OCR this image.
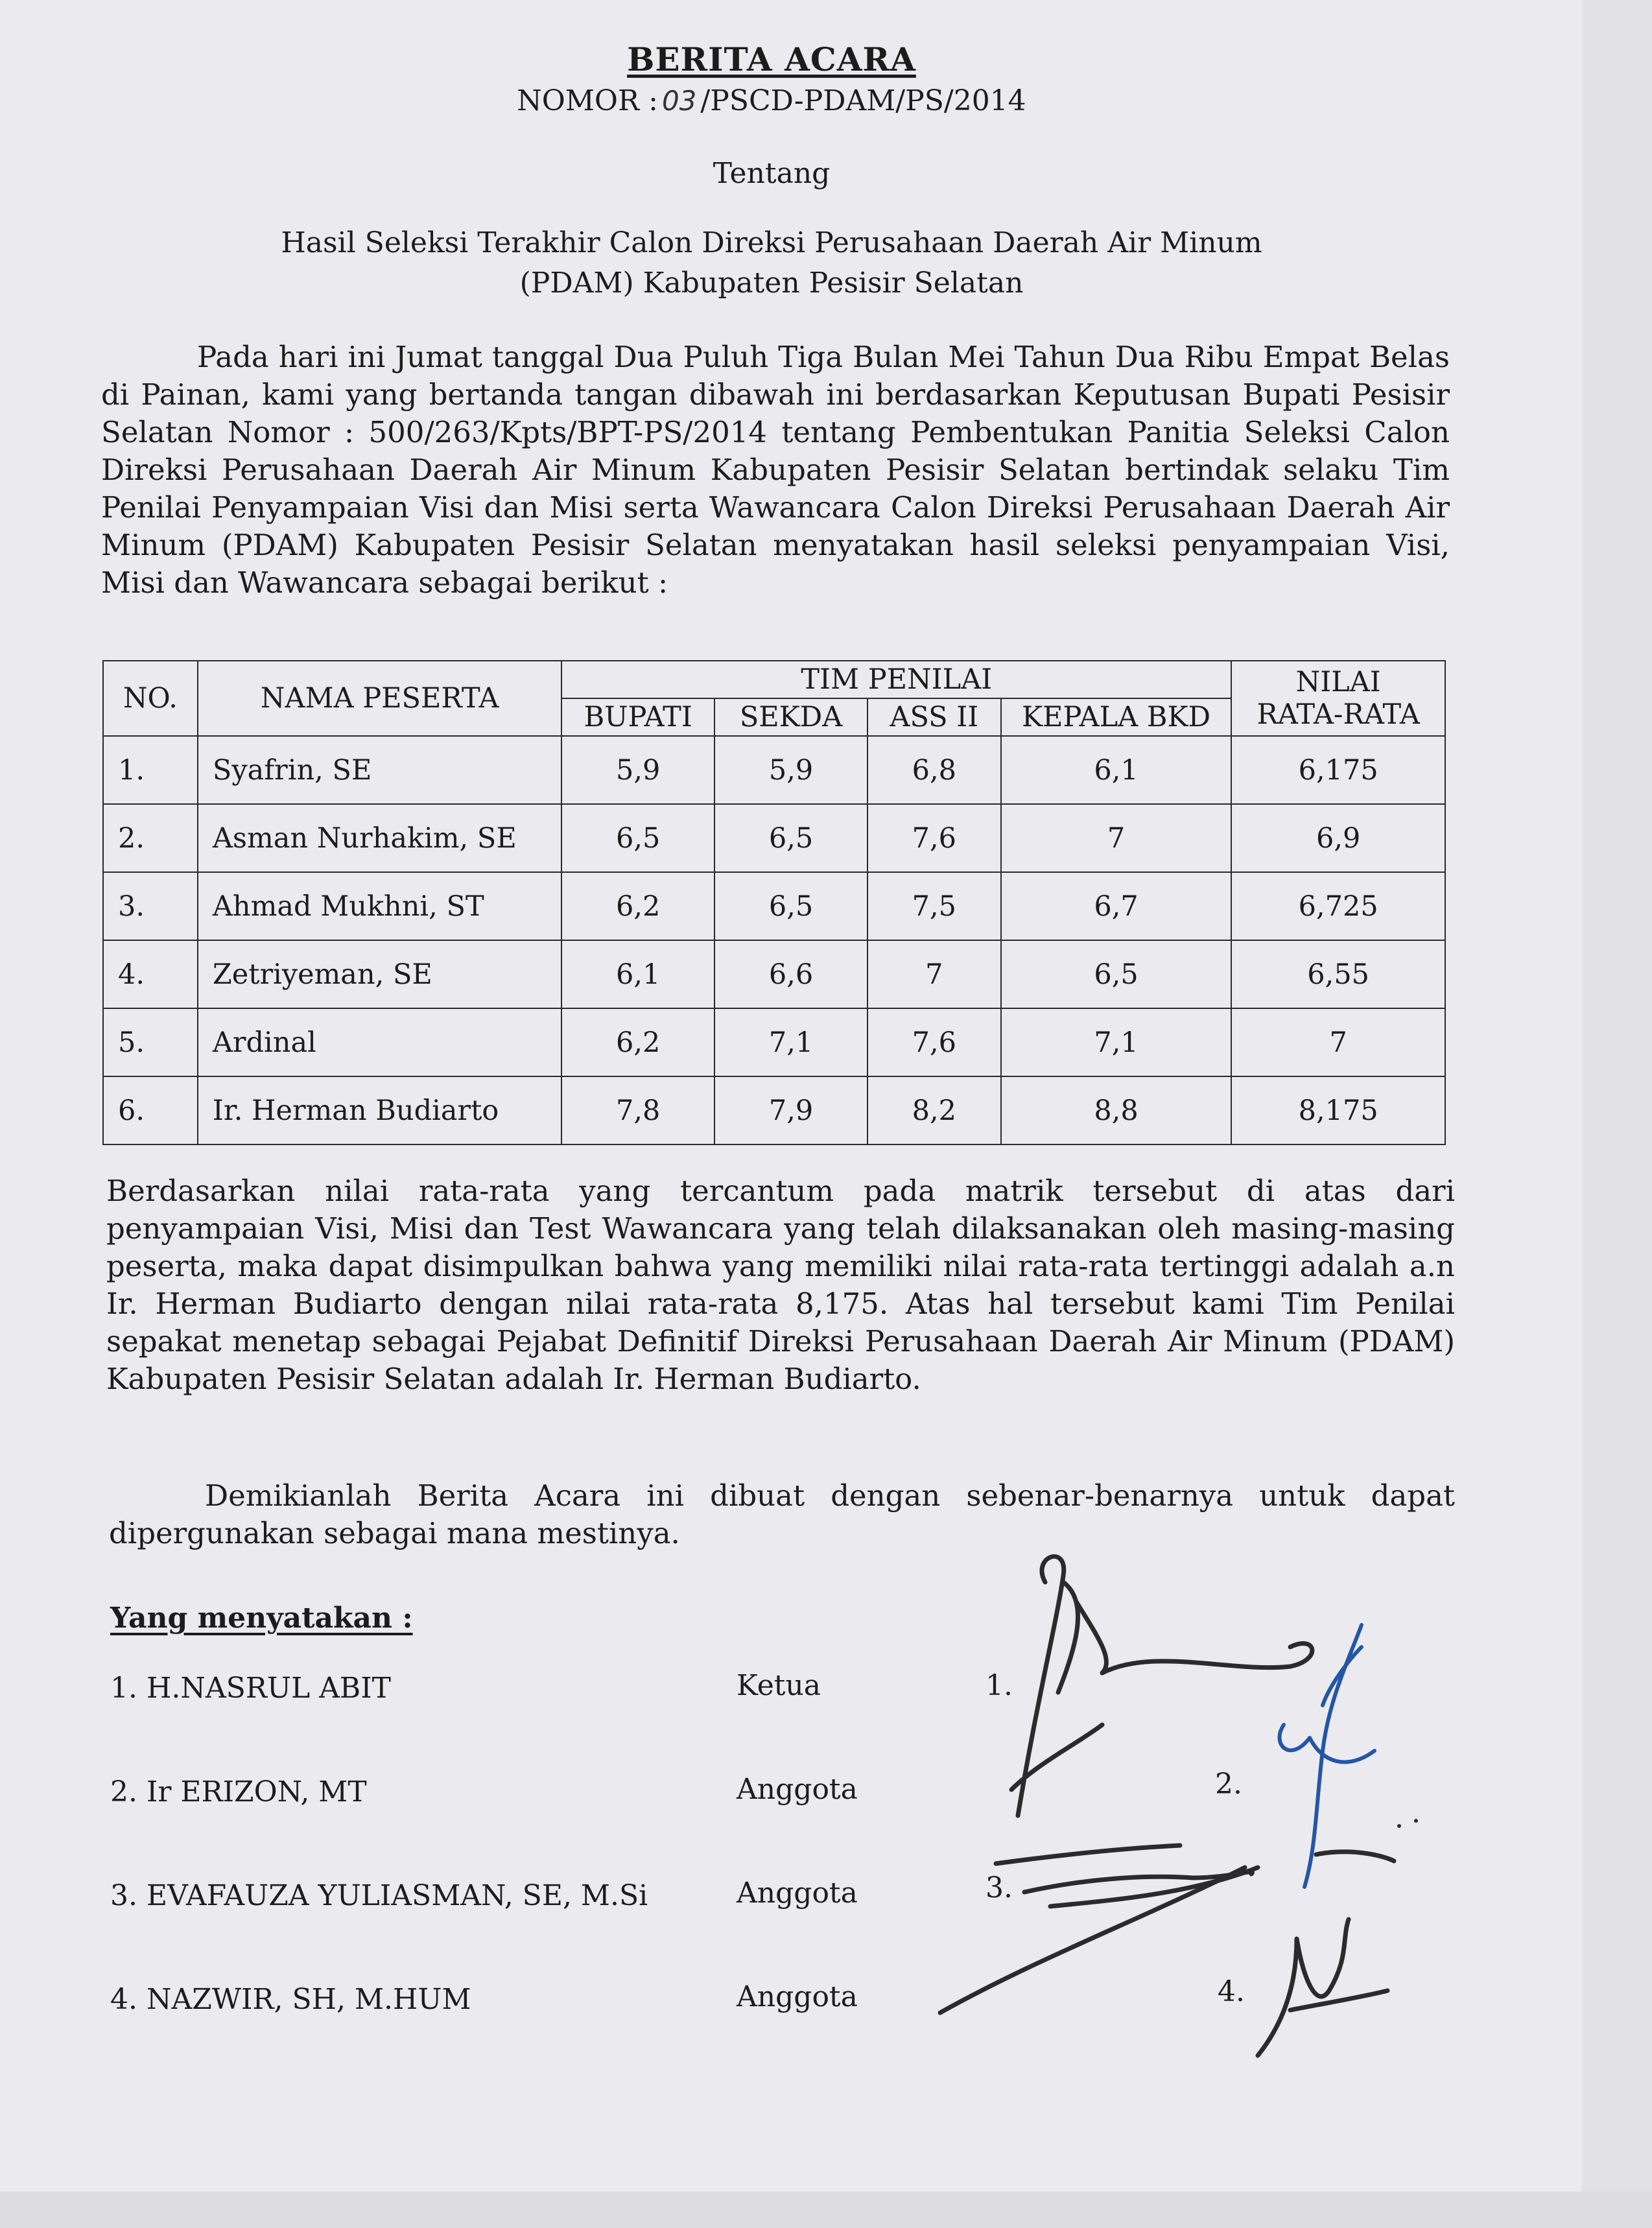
BERITA ACARA
NOMOR : 03 /PSCD-PDAM/PS/2014
Tentang
Hasil Seleksi Terakhir Calon Direksi Perusahaan Daerah Air Minum
(PDAM) Kabupaten Pesisir Selatan
Pada hari ini Jumat tanggal Dua Puluh Tiga Bulan Mei Tahun Dua Ribu Empat Belas di Painan, kami yang bertanda tangan dibawah ini berdasarkan Keputusan Bupati Pesisir Selatan Nomor : 500/263/Kpts/BPT-PS/2014 tentang Pembentukan Panitia Seleksi Calon Direksi Perusahaan Daerah Air Minum Kabupaten Pesisir Selatan bertindak selaku Tim Penilai Penyampaian Visi dan Misi serta Wawancara Calon Direksi Perusahaan Daerah Air Minum (PDAM) Kabupaten Pesisir Selatan menyatakan hasil seleksi penyampaian Visi, Misi dan Wawancara sebagai berikut :
NO.	NAMA PESERTA	TIM PENILAI				NILAI
RATA-RATA

		BUPATI	SEKDA	ASS II	KEPALA BKD	
1.	Syafrin, SE	5,9	5,9	6,8	6,1	6,175
2.	Asman Nurhakim, SE	6,5	6,5	7,6	7	6,9
3.	Ahmad Mukhni, ST	6,2	6,5	7,5	6,7	6,725
4.	Zetriyeman, SE	6,1	6,6	7	6,5	6,55
5.	Ardinal	6,2	7,1	7,6	7,1	7
6.	Ir. Herman Budiarto	7,8	7,9	8,2	8,8	8,175
Berdasarkan nilai rata-rata yang tercantum pada matrik tersebut di atas dari penyampaian Visi, Misi dan Test Wawancara yang telah dilaksanakan oleh masing-masing peserta, maka dapat disimpulkan bahwa yang memiliki nilai rata-rata tertinggi adalah a.n Ir. Herman Budiarto dengan nilai rata-rata 8,175. Atas hal tersebut kami Tim Penilai sepakat menetap sebagai Pejabat Definitif Direksi Perusahaan Daerah Air Minum (PDAM) Kabupaten Pesisir Selatan adalah Ir. Herman Budiarto.
Demikianlah Berita Acara ini dibuat dengan sebenar-benarnya untuk dapat dipergunakan sebagai mana mestinya.
Yang menyatakan :
1. H.NASRUL ABIT	Ketua
2. Ir ERIZON, MT	Anggota
3. EVAFAUZA YULIASMAN, SE, M.Si	Anggota
4. NAZWIR, SH, M.HUM	Anggota
1.
2.
3.
4.
